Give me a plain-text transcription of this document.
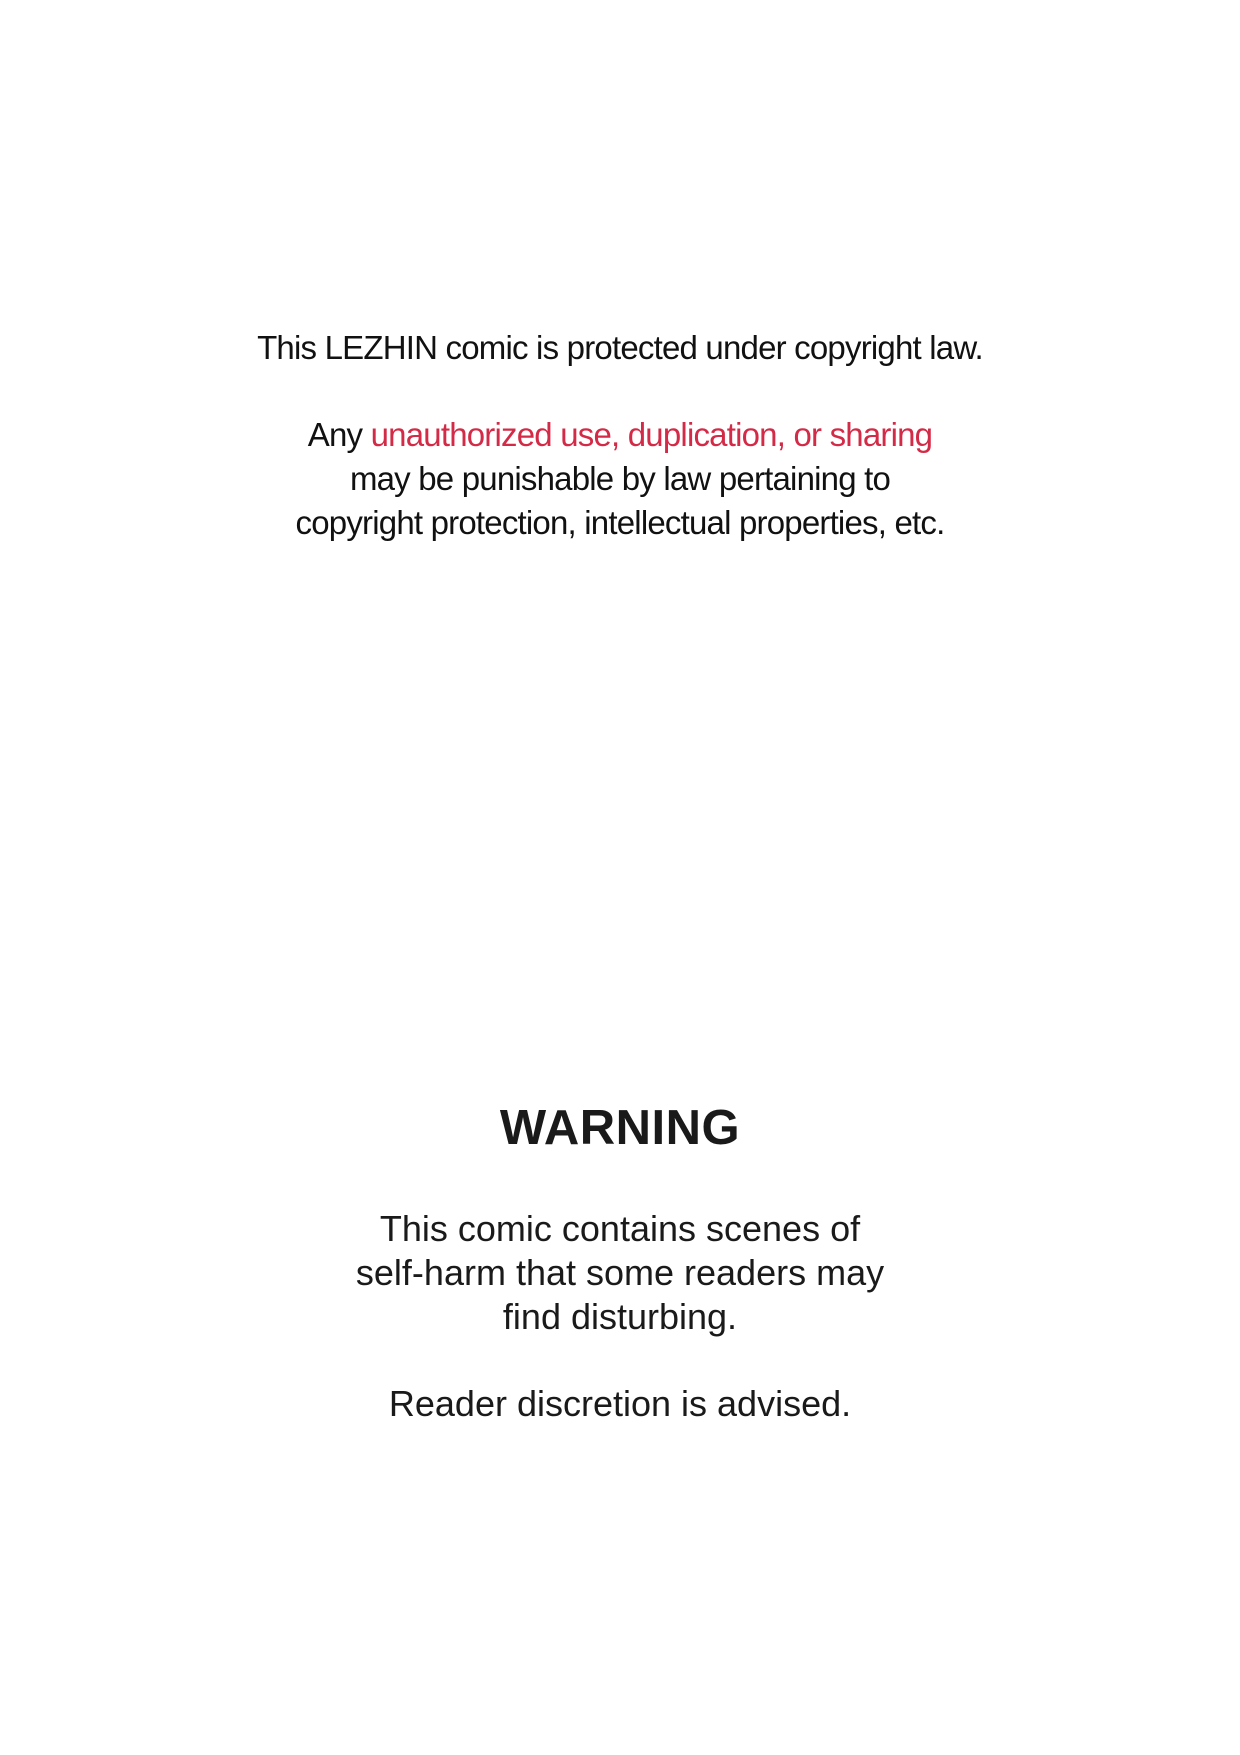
This LEZHIN comic is protected under copyright law.

Any unauthorized use, duplication, or sharing
may be punishable by law pertaining to
copyright protection, intellectual properties, etc.

WARNING

This comic contains scenes of
self-harm that some readers may
find disturbing.

Reader discretion is advised.
